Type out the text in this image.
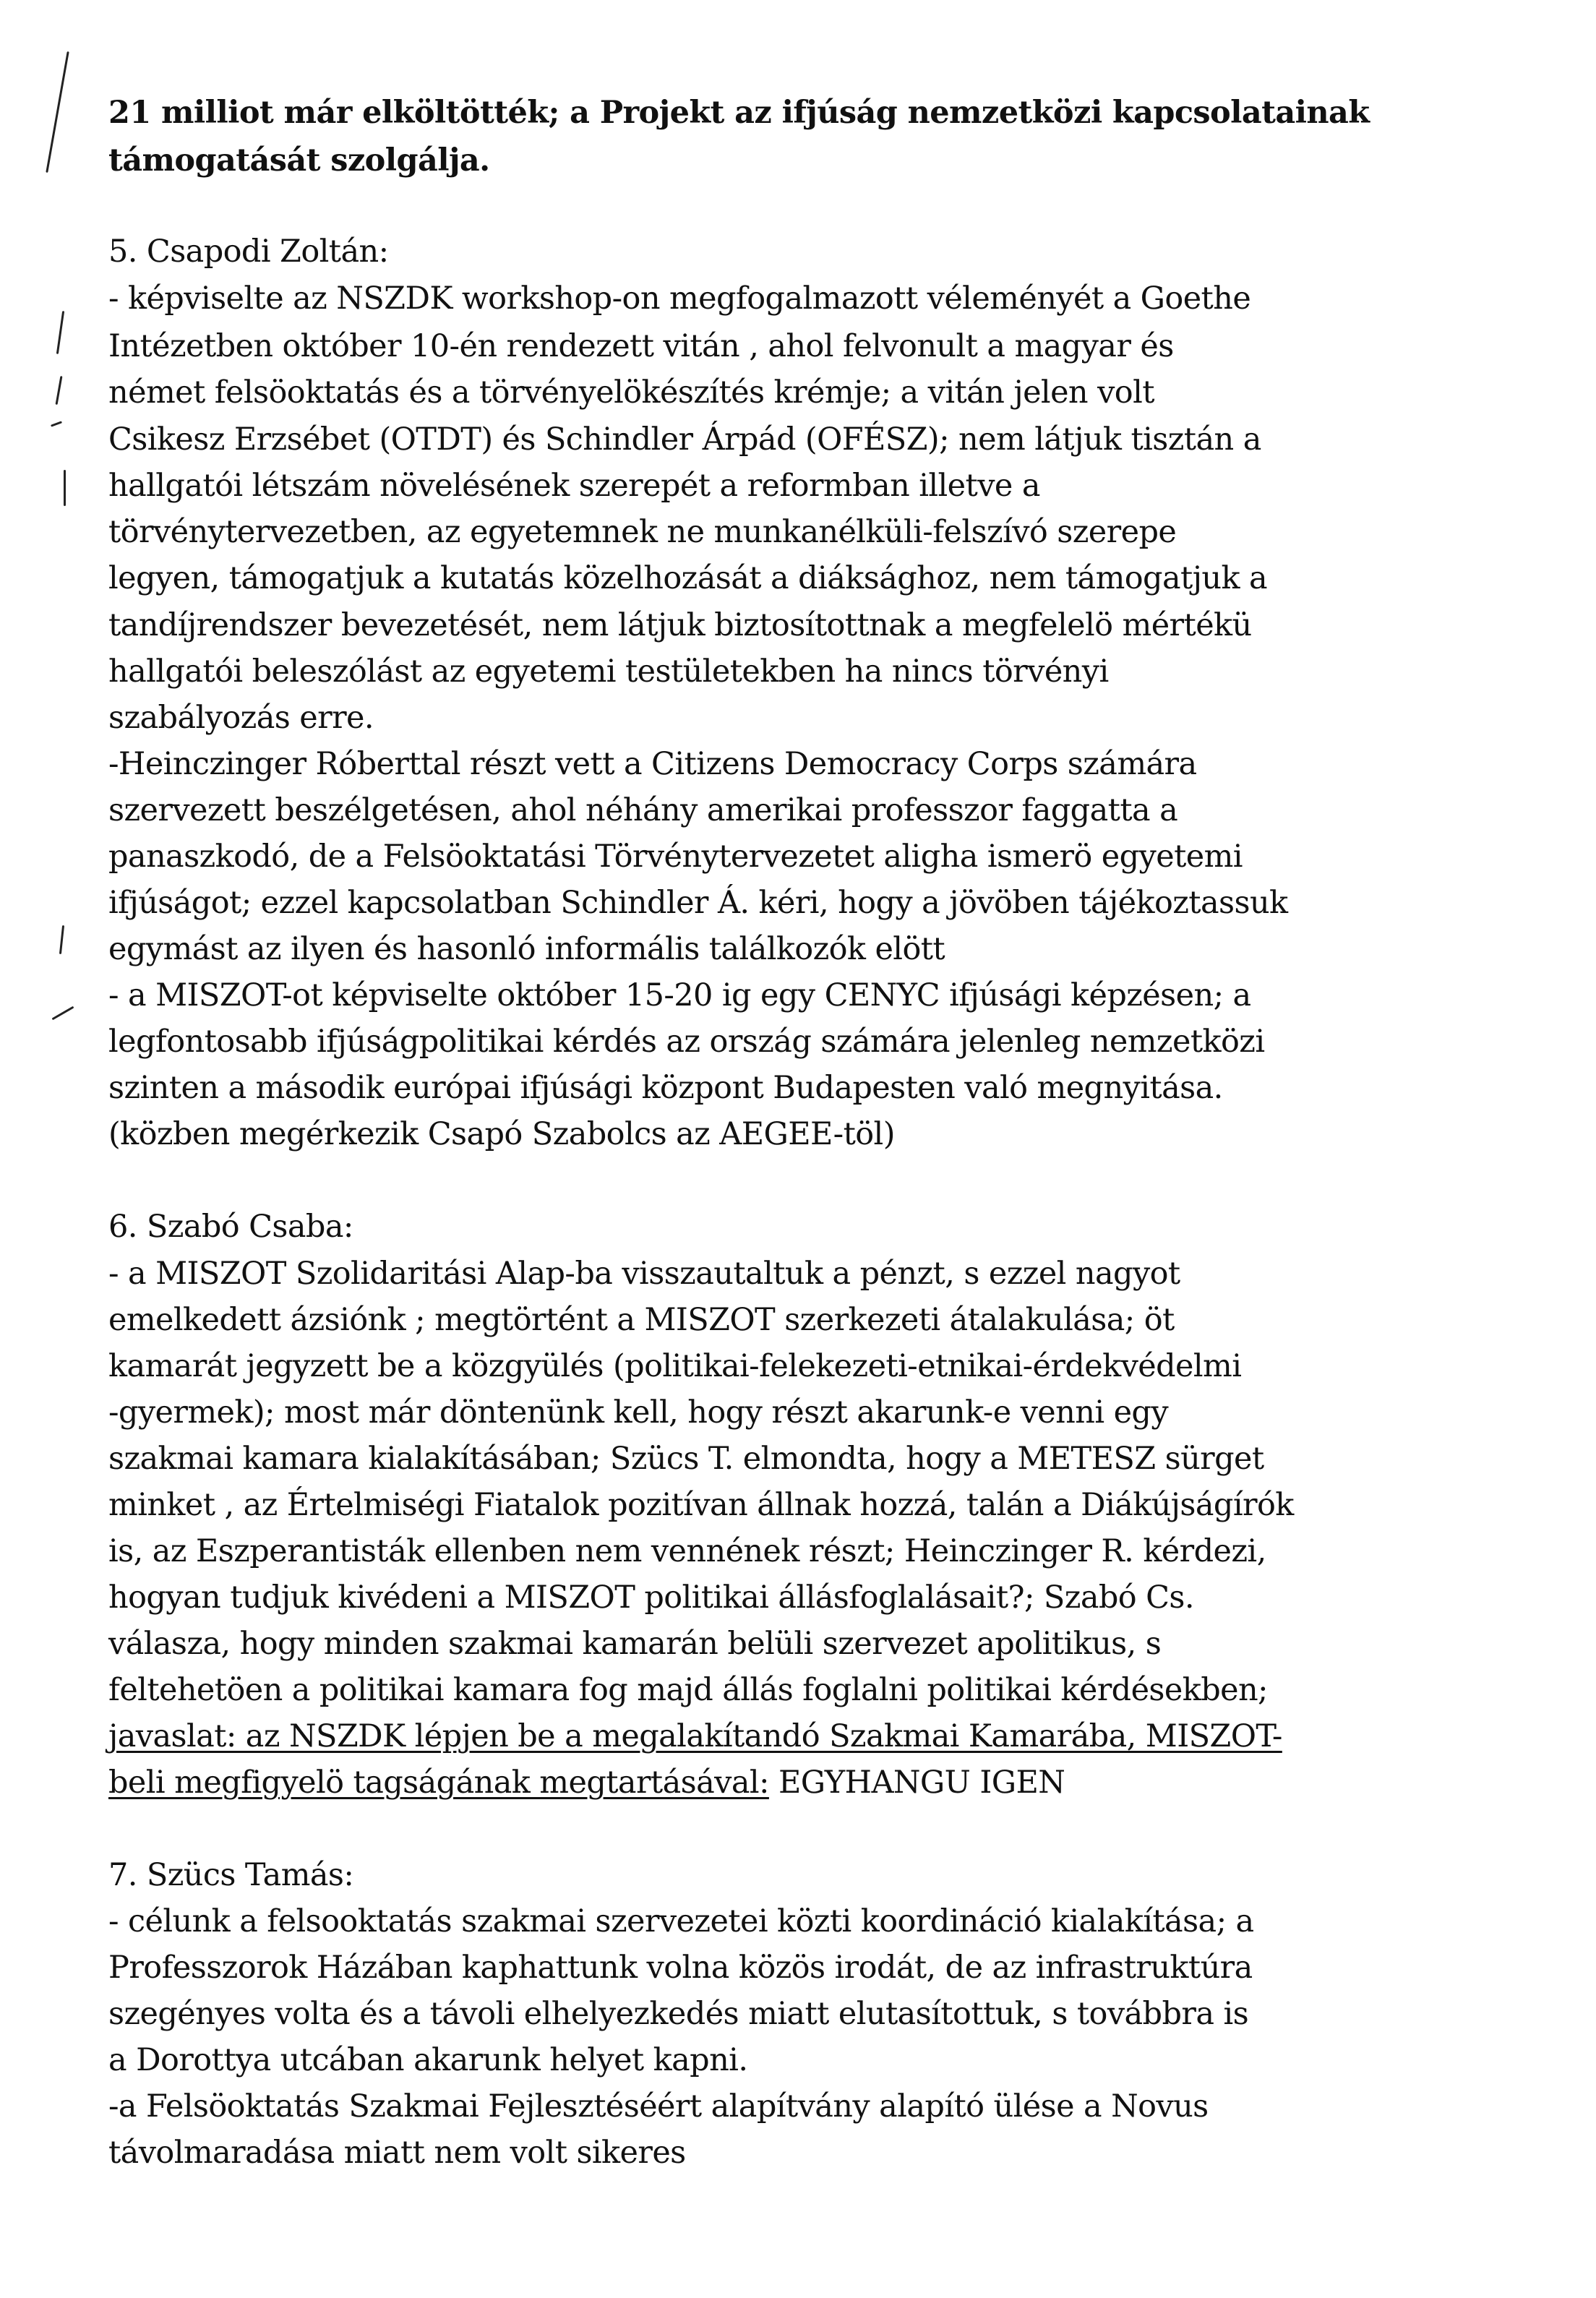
21 milliot már elköltötték; a Projekt az ifjúság nemzetközi kapcsolatainak
támogatását szolgálja.
5. Csapodi Zoltán:
- képviselte az NSZDK workshop-on megfogalmazott véleményét a Goethe
Intézetben október 10-én rendezett vitán , ahol felvonult a magyar és
német felsöoktatás és a törvényelökészítés krémje; a vitán jelen volt
Csikesz Erzsébet (OTDT) és Schindler Árpád (OFÉSZ); nem látjuk tisztán a
hallgatói létszám növelésének szerepét a reformban illetve a
törvénytervezetben, az egyetemnek ne munkanélküli-felszívó szerepe
legyen, támogatjuk a kutatás közelhozását a diáksághoz, nem támogatjuk a
tandíjrendszer bevezetését, nem látjuk biztosítottnak a megfelelö mértékü
hallgatói beleszólást az egyetemi testületekben ha nincs törvényi
szabályozás erre.
-Heinczinger Róberttal részt vett a Citizens Democracy Corps számára
szervezett beszélgetésen, ahol néhány amerikai professzor faggatta a
panaszkodó, de a Felsöoktatási Törvénytervezetet aligha ismerö egyetemi
ifjúságot; ezzel kapcsolatban Schindler Á. kéri, hogy a jövöben tájékoztassuk
egymást az ilyen és hasonló informális találkozók elött
- a MISZOT-ot képviselte október 15-20 ig egy CENYC ifjúsági képzésen; a
legfontosabb ifjúságpolitikai kérdés az ország számára jelenleg nemzetközi
szinten a második európai ifjúsági központ Budapesten való megnyitása.
(közben megérkezik Csapó Szabolcs az AEGEE-töl)
6. Szabó Csaba:
- a MISZOT Szolidaritási Alap-ba visszautaltuk a pénzt, s ezzel nagyot
emelkedett ázsiónk ; megtörtént a MISZOT szerkezeti átalakulása; öt
kamarát jegyzett be a közgyülés (politikai-felekezeti-etnikai-érdekvédelmi
-gyermek); most már döntenünk kell, hogy részt akarunk-e venni egy
szakmai kamara kialakításában; Szücs T. elmondta, hogy a METESZ sürget
minket , az Értelmiségi Fiatalok pozitívan állnak hozzá, talán a Diákújságírók
is, az Eszperantisták ellenben nem vennének részt; Heinczinger R. kérdezi,
hogyan tudjuk kivédeni a MISZOT politikai állásfoglalásait?; Szabó Cs.
válasza, hogy minden szakmai kamarán belüli szervezet apolitikus, s
feltehetöen a politikai kamara fog majd állás foglalni politikai kérdésekben;
javaslat: az NSZDK lépjen be a megalakítandó Szakmai Kamarába, MISZOT-
beli megfigyelö tagságának megtartásával: EGYHANGU IGEN
7. Szücs Tamás:
- célunk a felsooktatás szakmai szervezetei közti koordináció kialakítása; a
Professzorok Házában kaphattunk volna közös irodát, de az infrastruktúra
szegényes volta és a távoli elhelyezkedés miatt elutasítottuk, s továbbra is
a Dorottya utcában akarunk helyet kapni.
-a Felsöoktatás Szakmai Fejlesztéséért alapítvány alapító ülése a Novus
távolmaradása miatt nem volt sikeres
